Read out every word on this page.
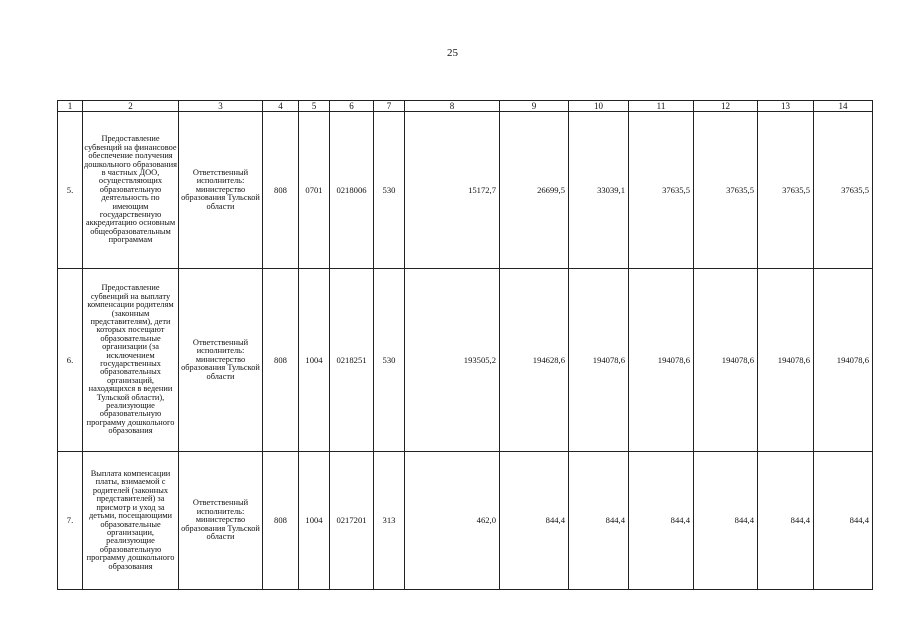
25
1	2	3	4	5	6	7	8	9	10	11	12	13	14
5.	Предоставление субвенций на финансовое обеспечение получения дошкольного образования в частных ДОО, осуществляющих образовательную деятельность по имеющим государственную аккредитацию основным общеобразовательным программам	Ответственный исполнитель: министерство образования Тульской области	808	0701	0218006	530	15172,7	26699,5	33039,1	37635,5	37635,5	37635,5	37635,5
6.	Предоставление субвенций на выплату компенсации родителям (законным представителям), дети которых посещают образовательные организации (за исключением государственных образовательных организаций, находящихся в ведении Тульской области), реализующие образовательную программу дошкольного образования	Ответственный исполнитель: министерство образования Тульской области	808	1004	0218251	530	193505,2	194628,6	194078,6	194078,6	194078,6	194078,6	194078,6
7.	Выплата компенсации платы, взимаемой с родителей (законных представителей) за присмотр и уход за детьми, посещающими образовательные организации, реализующие образовательную программу дошкольного образования	Ответственный исполнитель: министерство образования Тульской области	808	1004	0217201	313	462,0	844,4	844,4	844,4	844,4	844,4	844,4
